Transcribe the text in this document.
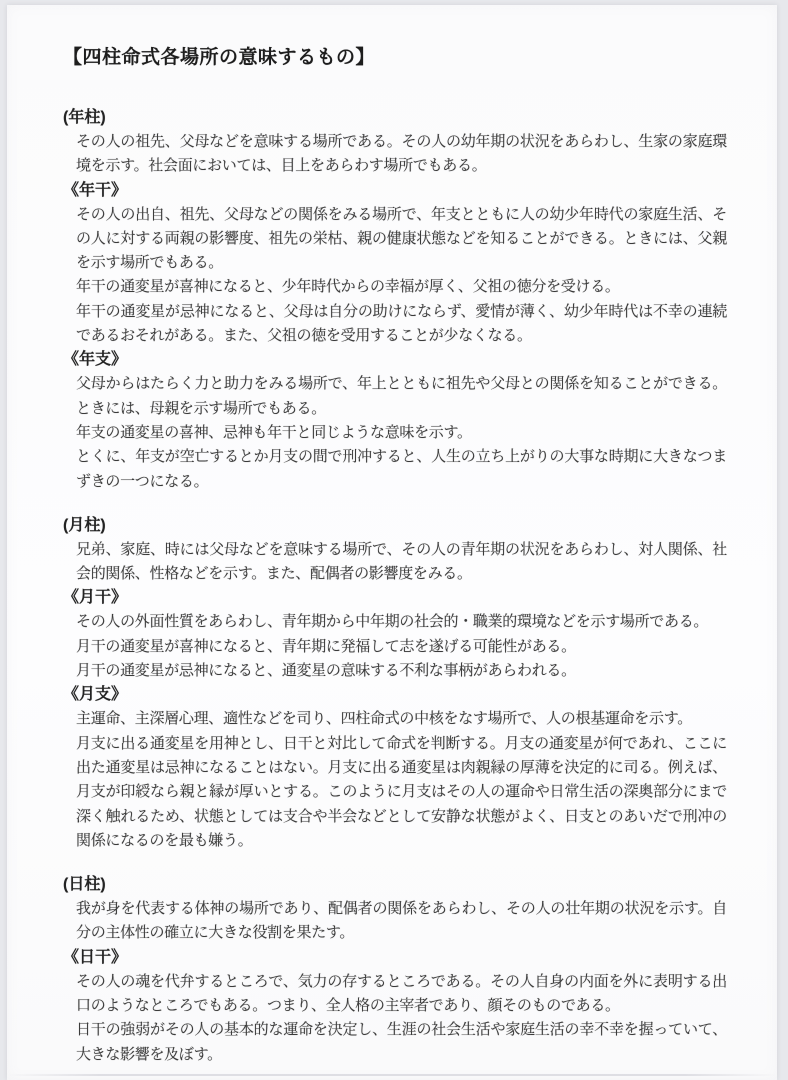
【四柱命式各場所の意味するもの】
(年柱)

その人の祖先、父母などを意味する場所である。その人の幼年期の状況をあらわし、生家の家庭環境を示す。社会面においては、目上をあらわす場所でもある。

《年干》

その人の出自、祖先、父母などの関係をみる場所で、年支とともに人の幼少年時代の家庭生活、その人に対する両親の影響度、祖先の栄枯、親の健康状態などを知ることができる。ときには、父親を示す場所でもある。

年干の通変星が喜神になると、少年時代からの幸福が厚く、父祖の徳分を受ける。

年干の通変星が忌神になると、父母は自分の助けにならず、愛情が薄く、幼少年時代は不幸の連続であるおそれがある。また、父祖の徳を受用することが少なくなる。

《年支》

父母からはたらく力と助力をみる場所で、年上とともに祖先や父母との関係を知ることができる。ときには、母親を示す場所でもある。

年支の通変星の喜神、忌神も年干と同じような意味を示す。

とくに、年支が空亡するとか月支の間で刑冲すると、人生の立ち上がりの大事な時期に大きなつまずきの一つになる。

(月柱)

兄弟、家庭、時には父母などを意味する場所で、その人の青年期の状況をあらわし、対人関係、社会的関係、性格などを示す。また、配偶者の影響度をみる。

《月干》

その人の外面性質をあらわし、青年期から中年期の社会的・職業的環境などを示す場所である。

月干の通変星が喜神になると、青年期に発福して志を遂げる可能性がある。

月干の通変星が忌神になると、通変星の意味する不利な事柄があらわれる。

《月支》

主運命、主深層心理、適性などを司り、四柱命式の中核をなす場所で、人の根基運命を示す。

月支に出る通変星を用神とし、日干と対比して命式を判断する。月支の通変星が何であれ、ここに出た通変星は忌神になることはない。月支に出る通変星は肉親縁の厚薄を決定的に司る。例えば、月支が印綬なら親と縁が厚いとする。このように月支はその人の運命や日常生活の深奥部分にまで深く触れるため、状態としては支合や半会などとして安静な状態がよく、日支とのあいだで刑冲の関係になるのを最も嫌う。

(日柱)

我が身を代表する体神の場所であり、配偶者の関係をあらわし、その人の壮年期の状況を示す。自分の主体性の確立に大きな役割を果たす。

《日干》

その人の魂を代弁するところで、気力の存するところである。その人自身の内面を外に表明する出口のようなところでもある。つまり、全人格の主宰者であり、顔そのものである。

日干の強弱がその人の基本的な運命を決定し、生涯の社会生活や家庭生活の幸不幸を握っていて、大きな影響を及ぼす。
